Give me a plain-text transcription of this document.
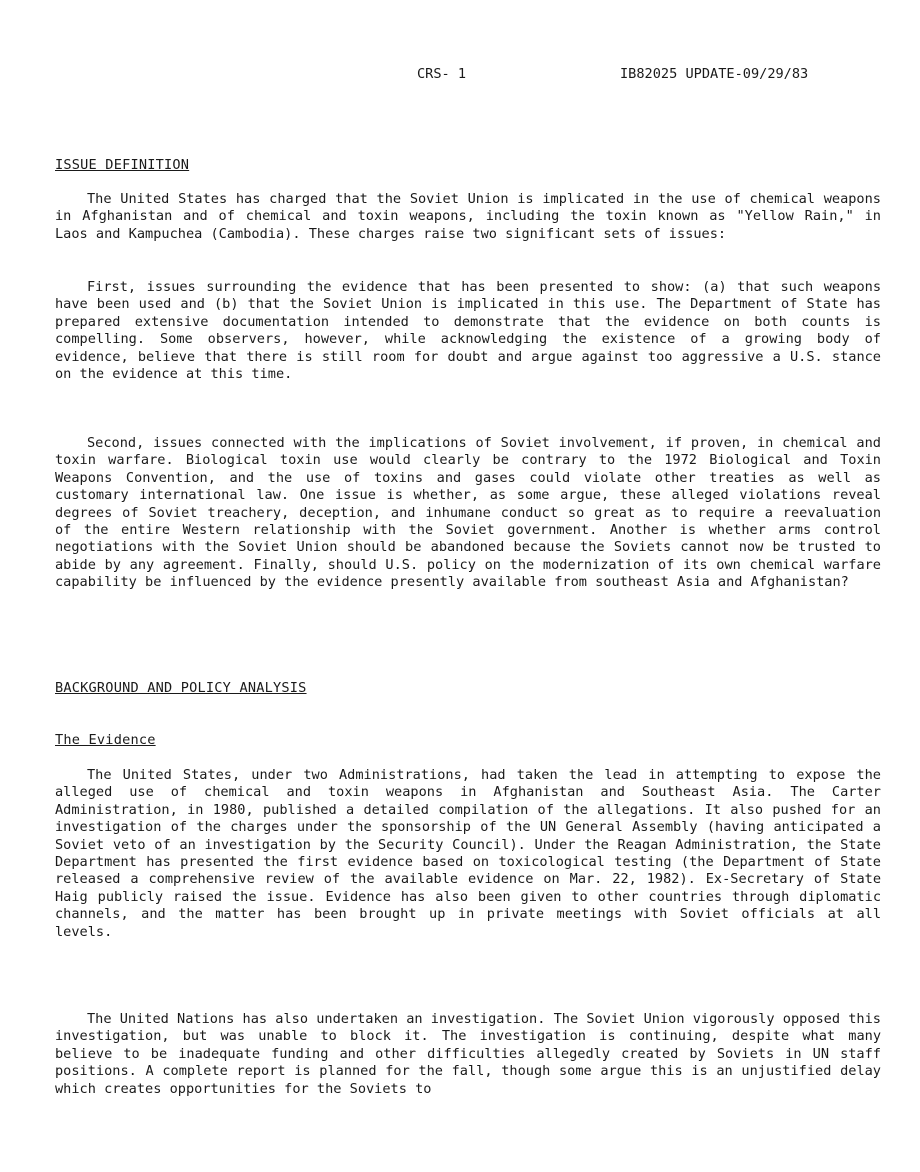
CRS- 1	IB82025 UPDATE-09/29/83
ISSUE DEFINITION

The United States has charged that the Soviet Union is implicated in the use of chemical weapons in Afghanistan and of chemical and toxin weapons, including the toxin known as "Yellow Rain," in Laos and Kampuchea (Cambodia). These charges raise two significant sets of issues:

First, issues surrounding the evidence that has been presented to show: (a) that such weapons have been used and (b) that the Soviet Union is implicated in this use. The Department of State has prepared extensive documentation intended to demonstrate that the evidence on both counts is compelling. Some observers, however, while acknowledging the existence of a growing body of evidence, believe that there is still room for doubt and argue against too aggressive a U.S. stance on the evidence at this time.

Second, issues connected with the implications of Soviet involvement, if proven, in chemical and toxin warfare. Biological toxin use would clearly be contrary to the 1972 Biological and Toxin Weapons Convention, and the use of toxins and gases could violate other treaties as well as customary international law. One issue is whether, as some argue, these alleged violations reveal degrees of Soviet treachery, deception, and inhumane conduct so great as to require a reevaluation of the entire Western relationship with the Soviet government. Another is whether arms control negotiations with the Soviet Union should be abandoned because the Soviets cannot now be trusted to abide by any agreement. Finally, should U.S. policy on the modernization of its own chemical warfare capability be influenced by the evidence presently available from southeast Asia and Afghanistan?

BACKGROUND AND POLICY ANALYSIS
The Evidence

The United States, under two Administrations, had taken the lead in attempting to expose the alleged use of chemical and toxin weapons in Afghanistan and Southeast Asia. The Carter Administration, in 1980, published a detailed compilation of the allegations. It also pushed for an investigation of the charges under the sponsorship of the UN General Assembly (having anticipated a Soviet veto of an investigation by the Security Council). Under the Reagan Administration, the State Department has presented the first evidence based on toxicological testing (the Department of State released a comprehensive review of the available evidence on Mar. 22, 1982). Ex-Secretary of State Haig publicly raised the issue. Evidence has also been given to other countries through diplomatic channels, and the matter has been brought up in private meetings with Soviet officials at all levels.

The United Nations has also undertaken an investigation. The Soviet Union vigorously opposed this investigation, but was unable to block it. The investigation is continuing, despite what many believe to be inadequate funding and other difficulties allegedly created by Soviets in UN staff positions. A complete report is planned for the fall, though some argue this is an unjustified delay which creates opportunities for the Soviets to
